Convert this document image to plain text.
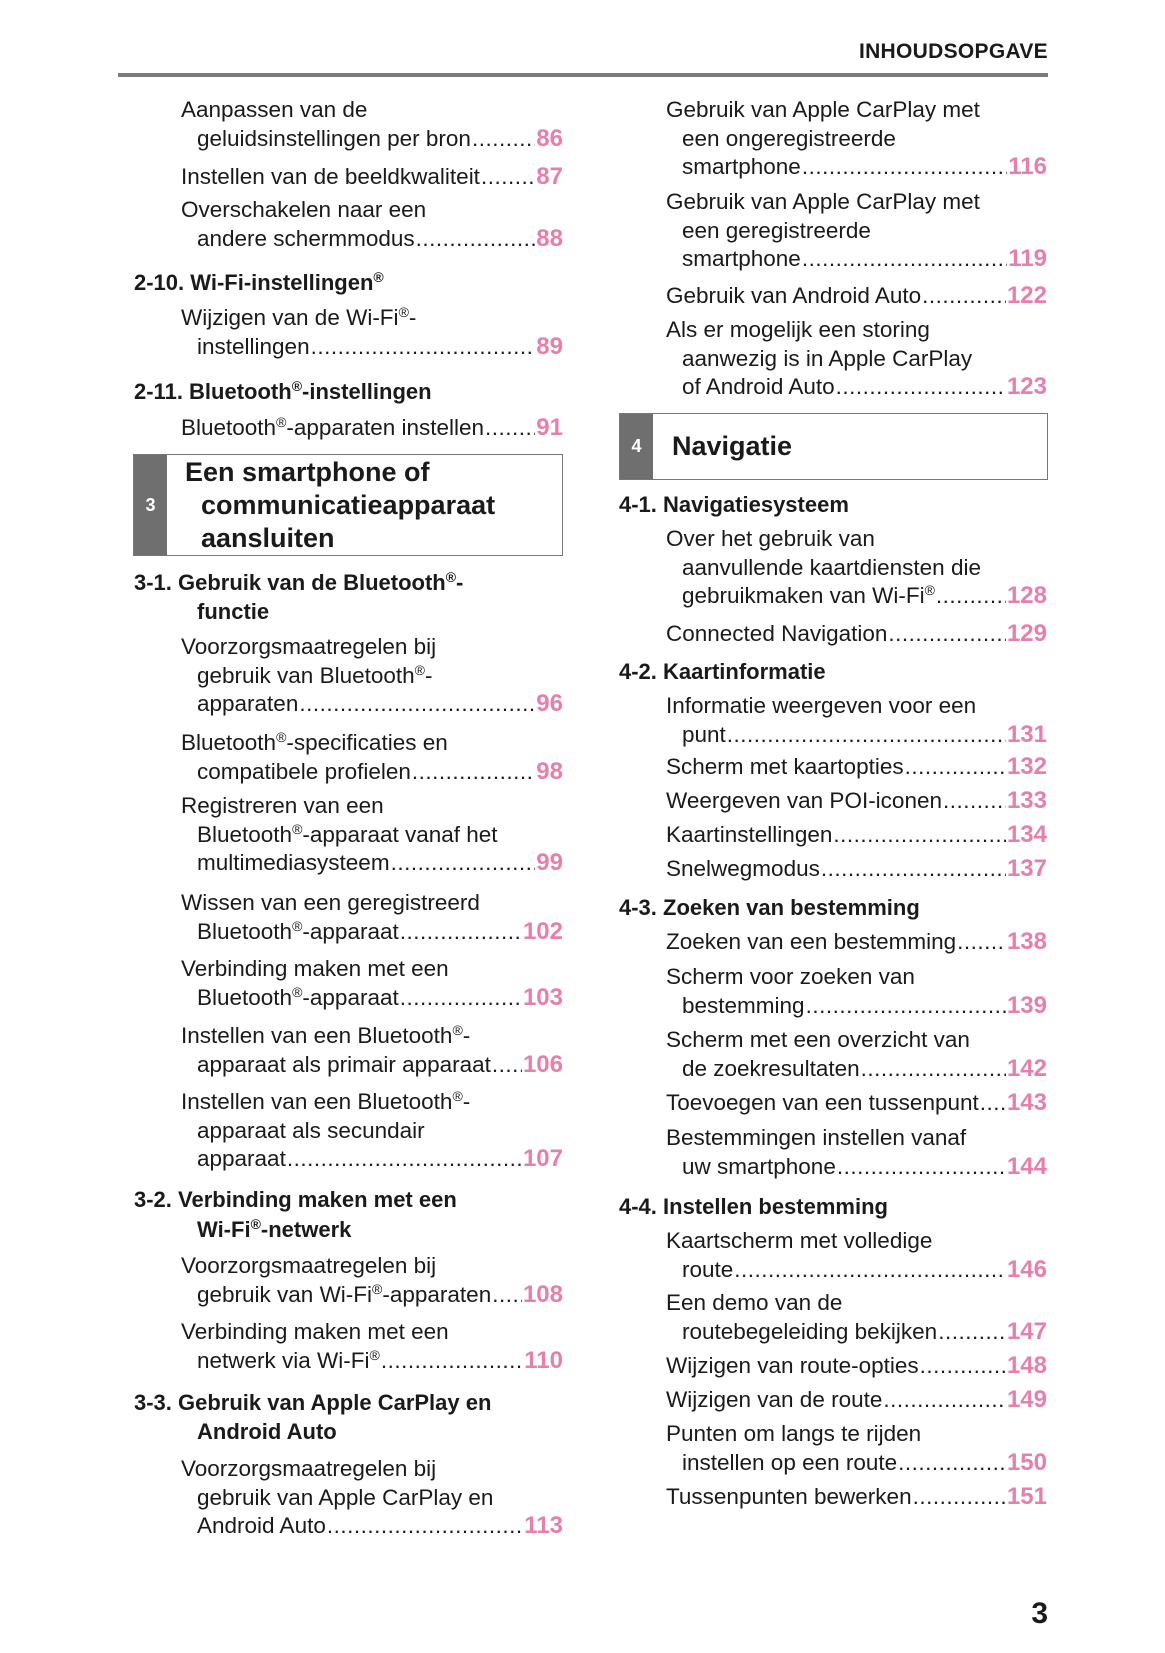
INHOUDSOPGAVE
Aanpassen van de
geluidsinstellingen per bron .....	86
Instellen van de beeldkwaliteit ..... 87
Overschakelen naar een
andere schermmodus .....	88
2-10. Wi-Fi-instellingen®
Wijzigen van de Wi-Fi®-
instellingen .....	89
2-11. Bluetooth®-instellingen
Bluetooth®-apparaten instellen ..... 91
3
Een smartphone of
communicatieapparaat
aansluiten
3-1. Gebruik van de Bluetooth®-
functie
Voorzorgsmaatregelen bij
gebruik van Bluetooth®-
apparaten .....	96
Bluetooth®-specificaties en
compatibele profielen .....	98
Registreren van een
Bluetooth®-apparaat vanaf het
multimediasysteem .....	99
Wissen van een geregistreerd
Bluetooth®-apparaat .....	102
Verbinding maken met een
Bluetooth®-apparaat .....	103
Instellen van een Bluetooth®-
apparaat als primair apparaat ..... 106
Instellen van een Bluetooth®-
apparaat als secundair
apparaat .....	107
3-2. Verbinding maken met een
Wi-Fi®-netwerk
Voorzorgsmaatregelen bij
gebruik van Wi-Fi®-apparaten ..... 108
Verbinding maken met een
netwerk via Wi-Fi® .....	110
3-3. Gebruik van Apple CarPlay en
Android Auto
Voorzorgsmaatregelen bij
gebruik van Apple CarPlay en
Android Auto .....	113
Gebruik van Apple CarPlay met
een ongeregistreerde
smartphone .....	116
Gebruik van Apple CarPlay met
een geregistreerde
smartphone .....	119
Gebruik van Android Auto .....	122
Als er mogelijk een storing
aanwezig is in Apple CarPlay
of Android Auto .....	123
4	Navigatie
4-1. Navigatiesysteem
Over het gebruik van
aanvullende kaartdiensten die
gebruikmaken van Wi-Fi® .....	128
Connected Navigation .....	129
4-2. Kaartinformatie
Informatie weergeven voor een
punt .....	131
Scherm met kaartopties .....	132
Weergeven van POI-iconen .....	133
Kaartinstellingen .....	134
Snelwegmodus .....	137
4-3. Zoeken van bestemming
Zoeken van een bestemming ..... 138
Scherm voor zoeken van
bestemming .....	139
Scherm met een overzicht van
de zoekresultaten .....	142
Toevoegen van een tussenpunt ..... 143
Bestemmingen instellen vanaf
uw smartphone .....	144
4-4. Instellen bestemming
Kaartscherm met volledige
route .....	146
Een demo van de
routebegeleiding bekijken .....	147
Wijzigen van route-opties .....	148
Wijzigen van de route .....	149
Punten om langs te rijden
instellen op een route .....	150
Tussenpunten bewerken .....	151
3
